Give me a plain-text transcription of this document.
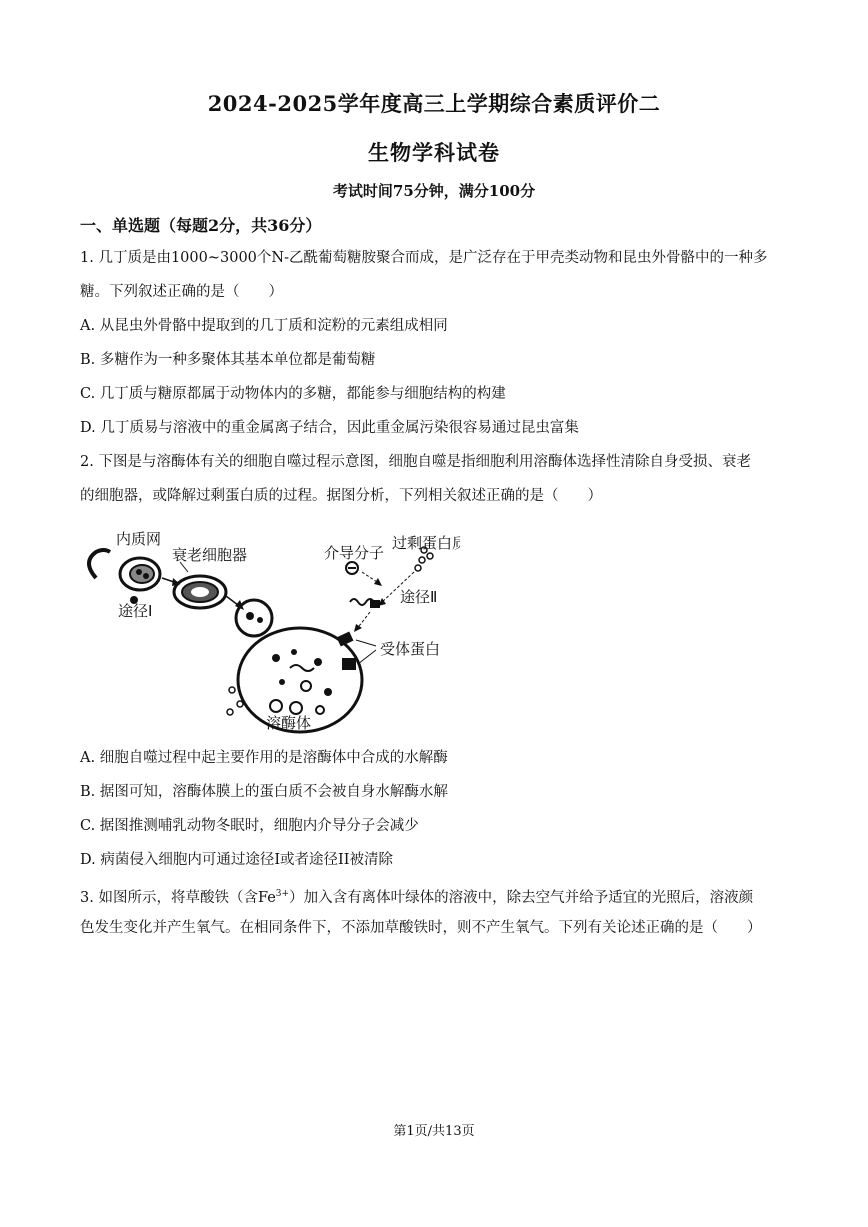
2024-2025学年度高三上学期综合素质评价二
生物学科试卷
考试时间75分钟，满分100分
一、单选题（每题2分，共36分）
1. 几丁质是由1000~3000个N-乙酰葡萄糖胺聚合而成，是广泛存在于甲壳类动物和昆虫外骨骼中的一种多
糖。下列叙述正确的是（　　）
A. 从昆虫外骨骼中提取到的几丁质和淀粉的元素组成相同
B. 多糖作为一种多聚体其基本单位都是葡萄糖
C. 几丁质与糖原都属于动物体内的多糖，都能参与细胞结构的构建
D. 几丁质易与溶液中的重金属离子结合，因此重金属污染很容易通过昆虫富集
2. 下图是与溶酶体有关的细胞自噬过程示意图，细胞自噬是指细胞利用溶酶体选择性清除自身受损、衰老
的细胞器，或降解过剩蛋白质的过程。据图分析，下列相关叙述正确的是（　　）
内质网
衰老细胞器
途径Ⅰ
介导分子
过剩蛋白质
途径Ⅱ
受体蛋白
溶酶体
A. 细胞自噬过程中起主要作用的是溶酶体中合成的水解酶
B. 据图可知，溶酶体膜上的蛋白质不会被自身水解酶水解
C. 据图推测哺乳动物冬眠时，细胞内介导分子会减少
D. 病菌侵入细胞内可通过途径I或者途径II被清除
3. 如图所示，将草酸铁（含$Fe^{3+}$）加入含有离体叶绿体的溶液中，除去空气并给予适宜的光照后，溶液颜
色发生变化并产生氧气。在相同条件下，不添加草酸铁时，则不产生氧气。下列有关论述正确的是（　　）
第1页/共13页
